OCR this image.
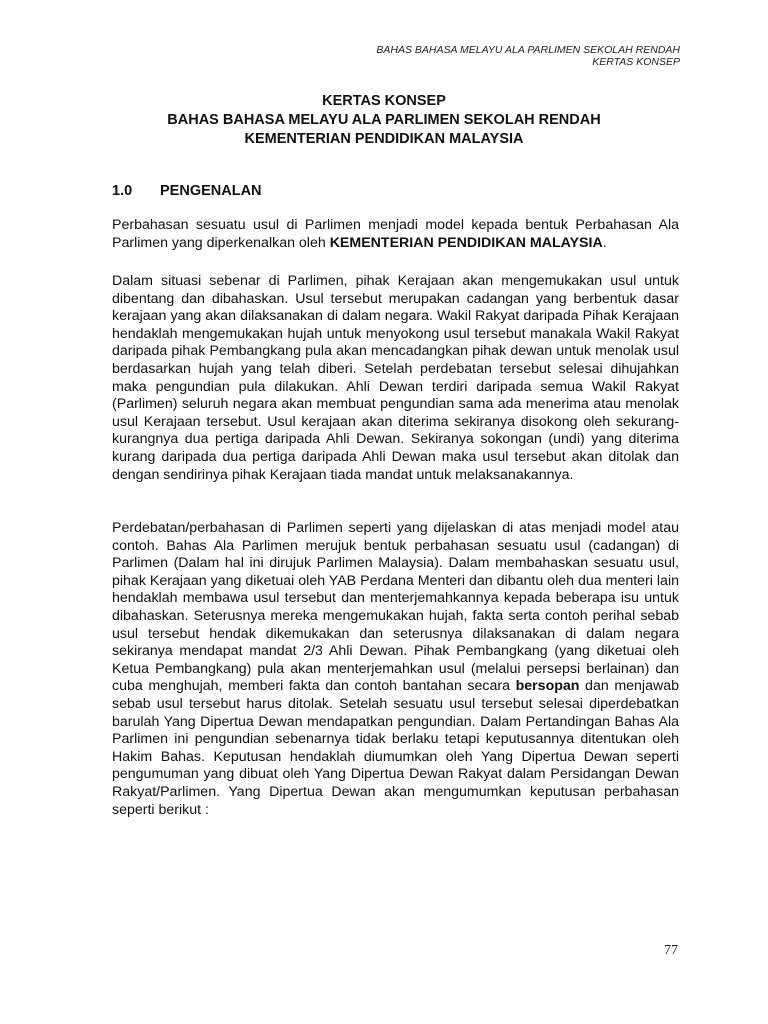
BAHAS BAHASA MELAYU ALA PARLIMEN SEKOLAH RENDAH
KERTAS KONSEP
KERTAS KONSEP
BAHAS BAHASA MELAYU ALA PARLIMEN SEKOLAH RENDAH
KEMENTERIAN PENDIDIKAN MALAYSIA
1.0 PENGENALAN

Perbahasan sesuatu usul di Parlimen menjadi model kepada bentuk Perbahasan Ala Parlimen yang diperkenalkan oleh KEMENTERIAN PENDIDIKAN MALAYSIA.

Dalam situasi sebenar di Parlimen, pihak Kerajaan akan mengemukakan usul untuk dibentang dan dibahaskan. Usul tersebut merupakan cadangan yang berbentuk dasar kerajaan yang akan dilaksanakan di dalam negara. Wakil Rakyat daripada Pihak Kerajaan hendaklah mengemukakan hujah untuk menyokong usul tersebut manakala Wakil Rakyat daripada pihak Pembangkang pula akan mencadangkan pihak dewan untuk menolak usul berdasarkan hujah yang telah diberi. Setelah perdebatan tersebut selesai dihujahkan maka pengundian pula dilakukan. Ahli Dewan terdiri daripada semua Wakil Rakyat (Parlimen) seluruh negara akan membuat pengundian sama ada menerima atau menolak usul Kerajaan tersebut. Usul kerajaan akan diterima sekiranya disokong oleh sekurang-kurangnya dua pertiga daripada Ahli Dewan. Sekiranya sokongan (undi) yang diterima kurang daripada dua pertiga daripada Ahli Dewan maka usul tersebut akan ditolak dan dengan sendirinya pihak Kerajaan tiada mandat untuk melaksanakannya.

Perdebatan/perbahasan di Parlimen seperti yang dijelaskan di atas menjadi model atau contoh. Bahas Ala Parlimen merujuk bentuk perbahasan sesuatu usul (cadangan) di Parlimen (Dalam hal ini dirujuk Parlimen Malaysia). Dalam membahaskan sesuatu usul, pihak Kerajaan yang diketuai oleh YAB Perdana Menteri dan dibantu oleh dua menteri lain hendaklah membawa usul tersebut dan menterjemahkannya kepada beberapa isu untuk dibahaskan. Seterusnya mereka mengemukakan hujah, fakta serta contoh perihal sebab usul tersebut hendak dikemukakan dan seterusnya dilaksanakan di dalam negara sekiranya mendapat mandat 2/3 Ahli Dewan. Pihak Pembangkang (yang diketuai oleh Ketua Pembangkang) pula akan menterjemahkan usul (melalui persepsi berlainan) dan cuba menghujah, memberi fakta dan contoh bantahan secara bersopan dan menjawab sebab usul tersebut harus ditolak. Setelah sesuatu usul tersebut selesai diperdebatkan barulah Yang Dipertua Dewan mendapatkan pengundian. Dalam Pertandingan Bahas Ala Parlimen ini pengundian sebenarnya tidak berlaku tetapi keputusannya ditentukan oleh Hakim Bahas. Keputusan hendaklah diumumkan oleh Yang Dipertua Dewan seperti pengumuman yang dibuat oleh Yang Dipertua Dewan Rakyat dalam Persidangan Dewan Rakyat/Parlimen. Yang Dipertua Dewan akan mengumumkan keputusan perbahasan seperti berikut :

77
